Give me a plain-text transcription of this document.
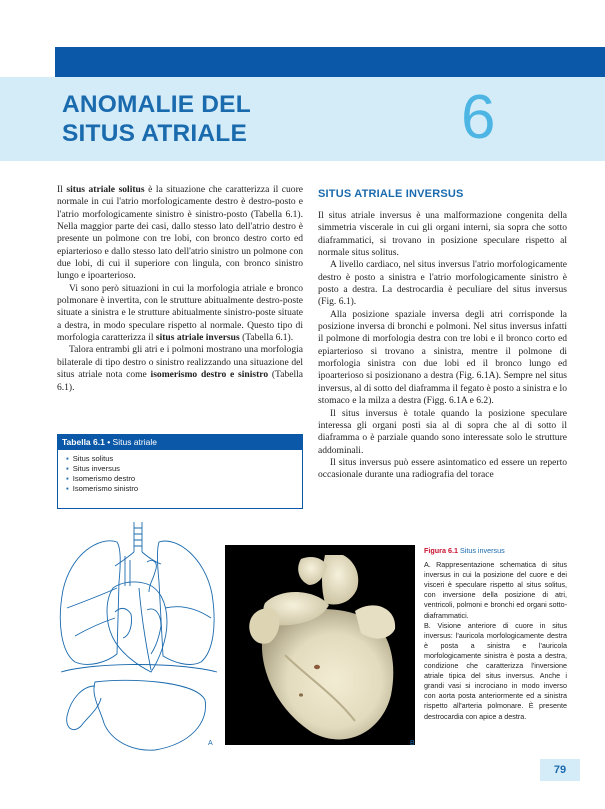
ANOMALIE DEL
SITUS ATRIALE	6

Il situs atriale solitus è la situazione che caratterizza il cuore normale in cui l'atrio morfologicamente destro è destro-posto e l'atrio morfologicamente sinistro è sinistro-posto (Tabella 6.1). Nella maggior parte dei casi, dallo stesso lato dell'atrio destro è presente un polmone con tre lobi, con bronco destro corto ed epiarterioso e dallo stesso lato dell'atrio sinistro un polmone con due lobi, di cui il superiore con lingula, con bronco sinistro lungo e ipoarterioso.

Vi sono però situazioni in cui la morfologia atriale e bronco polmonare è invertita, con le strutture abitualmente destro-poste situate a sinistra e le strutture abitualmente sinistro-poste situate a destra, in modo speculare rispetto al normale. Questo tipo di morfologia caratterizza il situs atriale inversus (Tabella 6.1).

Talora entrambi gli atri e i polmoni mostrano una morfologia bilaterale di tipo destro o sinistro realizzando una situazione del situs atriale nota come isomerismo destro e sinistro (Tabella 6.1).

Tabella 6.1 • Situs atriale
▪ Situs solitus
▪ Situs inversus
▪ Isomerismo destro
▪ Isomerismo sinistro
SITUS ATRIALE INVERSUS

Il situs atriale inversus è una malformazione congenita della simmetria viscerale in cui gli organi interni, sia sopra che sotto diaframmatici, si trovano in posizione speculare rispetto al normale situs solitus.

A livello cardiaco, nel situs inversus l'atrio morfologicamente destro è posto a sinistra e l'atrio morfologicamente sinistro è posto a destra. La destrocardia è peculiare del situs inversus (Fig. 6.1).

Alla posizione spaziale inversa degli atri corrisponde la posizione inversa di bronchi e polmoni. Nel situs inversus infatti il polmone di morfologia destra con tre lobi e il bronco corto ed epiarterioso si trovano a sinistra, mentre il polmone di morfologia sinistra con due lobi ed il bronco lungo ed ipoarterioso si posizionano a destra (Fig. 6.1A). Sempre nel situs inversus, al di sotto del diaframma il fegato è posto a sinistra e lo stomaco e la milza a destra (Figg. 6.1A e 6.2).

Il situs inversus è totale quando la posizione speculare interessa gli organi posti sia al di sopra che al di sotto il diaframma o è parziale quando sono interessate solo le strutture addominali.

Il situs inversus può essere asintomatico ed essere un reperto occasionale durante una radiografia del torace

A	B

Figura 6.1 Situs inversus

A. Rappresentazione schematica di situs inversus in cui la posizione del cuore e dei visceri è speculare rispetto al situs solitus, con inversione della posizione di atri, ventricoli, polmoni e bronchi ed organi sotto-diaframmatici.

B. Visione anteriore di cuore in situs inversus: l'auricola morfologicamente destra è posta a sinistra e l'auricola morfologicamente sinistra è posta a destra, condizione che caratterizza l'inversione atriale tipica del situs inversus. Anche i grandi vasi si incrociano in modo inverso con aorta posta anteriormente ed a sinistra rispetto all'arteria polmonare. È presente destrocardia con apice a destra.

79
